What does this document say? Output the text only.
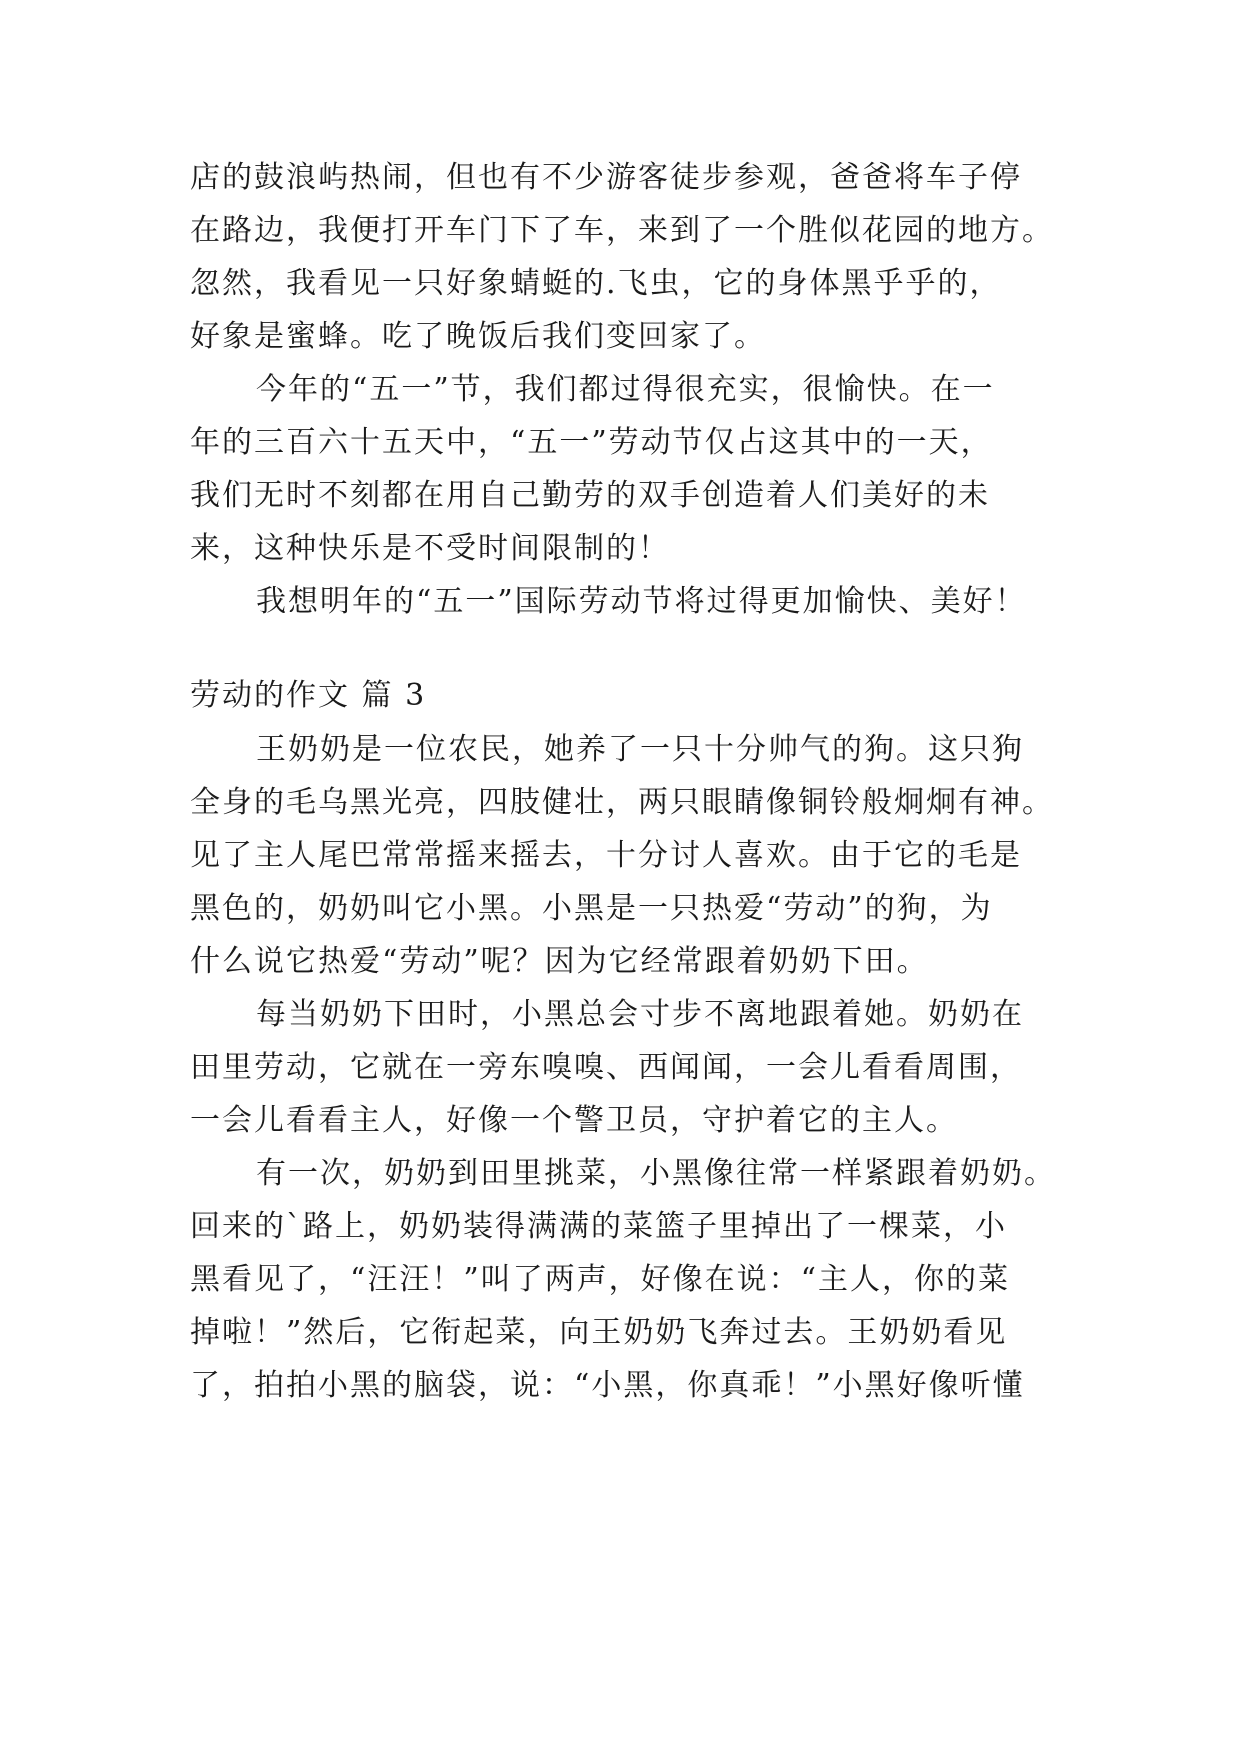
店的鼓浪屿热闹，但也有不少游客徒步参观，爸爸将车子停
在路边，我便打开车门下了车，来到了一个胜似花园的地方。
忽然，我看见一只好象蜻蜓的.飞虫，它的身体黑乎乎的，
好象是蜜蜂。吃了晚饭后我们变回家了。
今年的“五一”节，我们都过得很充实，很愉快。在一
年的三百六十五天中，“五一”劳动节仅占这其中的一天，
我们无时不刻都在用自己勤劳的双手创造着人们美好的未
来，这种快乐是不受时间限制的！
我想明年的“五一”国际劳动节将过得更加愉快、美好！
劳动的作文 篇 3
王奶奶是一位农民，她养了一只十分帅气的狗。这只狗
全身的毛乌黑光亮，四肢健壮，两只眼睛像铜铃般炯炯有神。
见了主人尾巴常常摇来摇去，十分讨人喜欢。由于它的毛是
黑色的，奶奶叫它小黑。小黑是一只热爱“劳动”的狗，为
什么说它热爱“劳动”呢？因为它经常跟着奶奶下田。
每当奶奶下田时，小黑总会寸步不离地跟着她。奶奶在
田里劳动，它就在一旁东嗅嗅、西闻闻，一会儿看看周围，
一会儿看看主人，好像一个警卫员，守护着它的主人。
有一次，奶奶到田里挑菜，小黑像往常一样紧跟着奶奶。
回来的`路上，奶奶装得满满的菜篮子里掉出了一棵菜，小
黑看见了，“汪汪！”叫了两声，好像在说：“主人，你的菜
掉啦！”然后，它衔起菜，向王奶奶飞奔过去。王奶奶看见
了，拍拍小黑的脑袋，说：“小黑，你真乖！”小黑好像听懂
